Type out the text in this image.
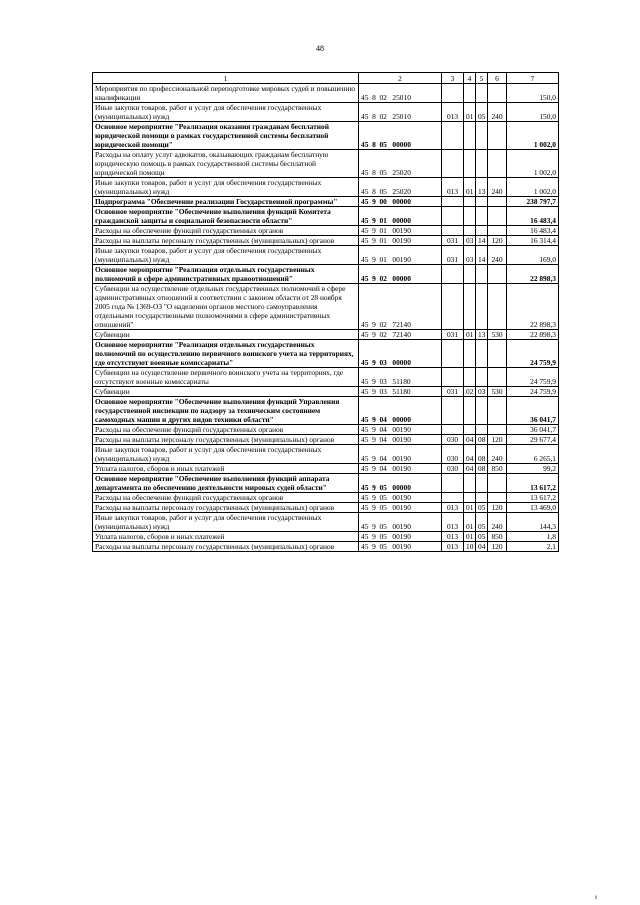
48
1	2	3	4	5	6	7
Мероприятия по профессиональной переподготовке мировых судей и повышению квалификации	45  8  02   25010					150,0
Иные закупки товаров, работ и услуг для обеспечения государственных (муниципальных) нужд	45  8  02   25010	013	01	05	240	150,0
Основное мероприятие "Реализация оказания гражданам бесплатной юридической помощи в рамках государственной системы бесплатной юридической помощи"	45  8  05   00000					1 002,0
Расходы на оплату услуг адвокатов, оказывающих гражданам бесплатную юридическую помощь в рамках государственной системы бесплатной юридической помощи	45  8  05   25020					1 002,0
Иные закупки товаров, работ и услуг для обеспечения государственных (муниципальных) нужд	45  8  05   25020	013	01	13	240	1 002,0
Подпрограмма "Обеспечение реализации Государственной программы"	45  9  00   00000					238 797,7
Основное мероприятие "Обеспечение выполнения функций Комитета гражданской защиты и социальной безопасности области"	45  9  01   00000					16 483,4
Расходы на обеспечение функций государственных органов	45  9  01   00190					16 483,4
Расходы на выплаты персоналу государственных (муниципальных) органов	45  9  01   00190	031	03	14	120	16 314,4
Иные закупки товаров, работ и услуг для обеспечения государственных (муниципальных) нужд	45  9  01   00190	031	03	14	240	169,0
Основное мероприятие "Реализация отдельных государственных полномочий в сфере административных правоотношений"	45  9  02   00000					22 898,3
Субвенции на осуществление отдельных государственных полномочий в сфере административных отношений в соответствии с законом области от 28 ноября 2005 года № 1369-ОЗ "О наделении органов местного самоуправления отдельными государственными полномочиями в сфере административных отношений"	45  9  02   72140					22 898,3
Субвенции	45  9  02   72140	031	01	13	530	22 898,3
Основное мероприятие "Реализация отдельных государственных полномочий по осуществлению первичного воинского учета на территориях, где отсутствуют военные комиссариаты"	45  9  03   00000					24 759,9
Субвенции на осуществление первичного воинского учета на территориях, где отсутствуют военные комиссариаты	45  9  03   51180					24 759,9
Субвенции	45  9  03   51180	031	02	03	530	24 759,9
Основное мероприятие "Обеспечение выполнения функций Управления государственной инспекции по надзору за техническим состоянием самоходных машин и других видов техники области"	45  9  04   00000					36 041,7
Расходы на обеспечение функций государственных органов	45  9  04   00190					36 041,7
Расходы на выплаты персоналу государственных (муниципальных) органов	45  9  04   00190	030	04	08	120	29 677,4
Иные закупки товаров, работ и услуг для обеспечения государственных (муниципальных) нужд	45  9  04   00190	030	04	08	240	6 265,1
Уплата налогов, сборов и иных платежей	45  9  04   00190	030	04	08	850	99,2
Основное мероприятие "Обеспечение выполнения функций аппарата департамента по обеспечению деятельности мировых судей области"	45  9  05   00000					13 617,2
Расходы на обеспечение функций государственных органов	45  9  05   00190					13 617,2
Расходы на выплаты персоналу государственных (муниципальных) органов	45  9  05   00190	013	01	05	120	13 469,0
Иные закупки товаров, работ и услуг для обеспечения государственных (муниципальных) нужд	45  9  05   00190	013	01	05	240	144,3
Уплата налогов, сборов и иных платежей	45  9  05   00190	013	01	05	850	1,8
Расходы на выплаты персоналу государственных (муниципальных) органов	45  9  05   00190	013	10	04	120	2,1
ı
